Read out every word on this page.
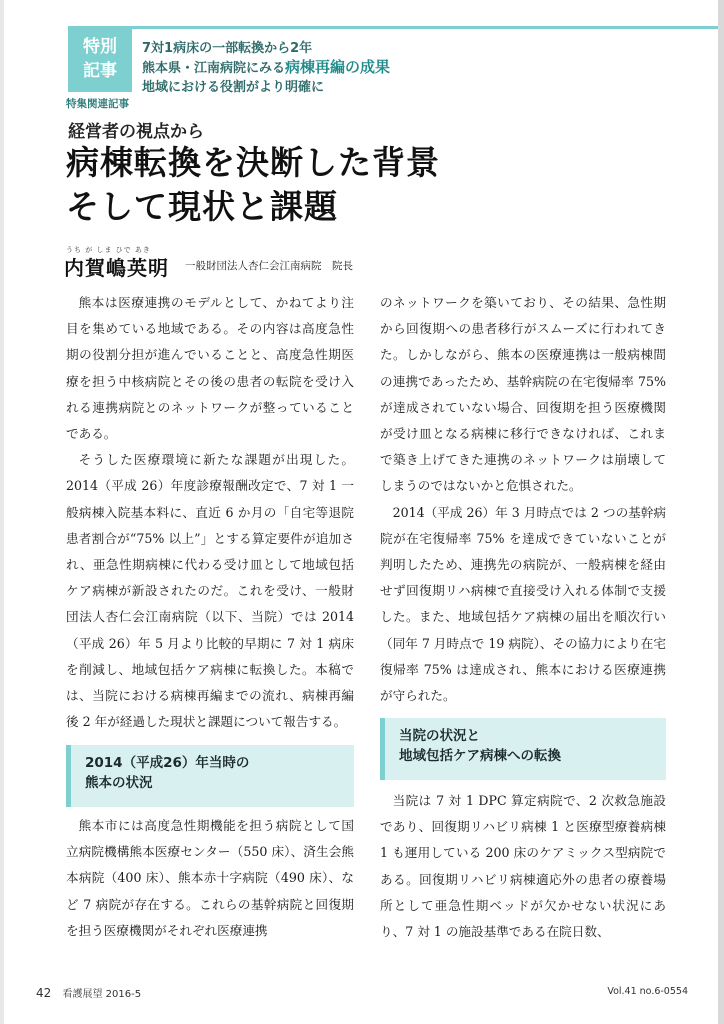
特別
記事
7対1病床の一部転換から2年
熊本県・江南病院にみる病棟再編の成果
地域における役割がより明確に
特集関連記事
経営者の視点から
病棟転換を決断した背景
そして現状と課題
うち が しま ひで あき
内賀嶋英明 一般財団法人杏仁会江南病院　院長

熊本は医療連携のモデルとして、かねてより注目を集めている地域である。その内容は高度急性期の役割分担が進んでいることと、高度急性期医療を担う中核病院とその後の患者の転院を受け入れる連携病院とのネットワークが整っていることである。

そうした医療環境に新たな課題が出現した。2014（平成 26）年度診療報酬改定で、7 対 1 一般病棟入院基本料に、直近 6 か月の「自宅等退院患者割合が“75% 以上”」とする算定要件が追加され、亜急性期病棟に代わる受け皿として地域包括ケア病棟が新設されたのだ。これを受け、一般財団法人杏仁会江南病院（以下、当院）では 2014（平成 26）年 5 月より比較的早期に 7 対 1 病床を削減し、地域包括ケア病棟に転換した。本稿では、当院における病棟再編までの流れ、病棟再編後 2 年が経過した現状と課題について報告する。

2014（平成26）年当時の
熊本の状況

熊本市には高度急性期機能を担う病院として国立病院機構熊本医療センター（550 床）、済生会熊本病院（400 床）、熊本赤十字病院（490 床）、など 7 病院が存在する。これらの基幹病院と回復期を担う医療機関がそれぞれ医療連携

のネットワークを築いており、その結果、急性期から回復期への患者移行がスムーズに行われてきた。しかしながら、熊本の医療連携は一般病棟間の連携であったため、基幹病院の在宅復帰率 75% が達成されていない場合、回復期を担う医療機関が受け皿となる病棟に移行できなければ、これまで築き上げてきた連携のネットワークは崩壊してしまうのではないかと危惧された。

2014（平成 26）年 3 月時点では 2 つの基幹病院が在宅復帰率 75% を達成できていないことが判明したため、連携先の病院が、一般病棟を経由せず回復期リハ病棟で直接受け入れる体制で支援した。また、地域包括ケア病棟の届出を順次行い（同年 7 月時点で 19 病院）、その協力により在宅復帰率 75% は達成され、熊本における医療連携が守られた。

当院の状況と
地域包括ケア病棟への転換

当院は 7 対 1 DPC 算定病院で、2 次救急施設であり、回復期リハビリ病棟 1 と医療型療養病棟 1 も運用している 200 床のケアミックス型病院である。回復期リハビリ病棟適応外の患者の療養場所として亜急性期ベッドが欠かせない状況にあり、7 対 1 の施設基準である在院日数、

42 看護展望 2016-5	Vol.41 no.6-0554
